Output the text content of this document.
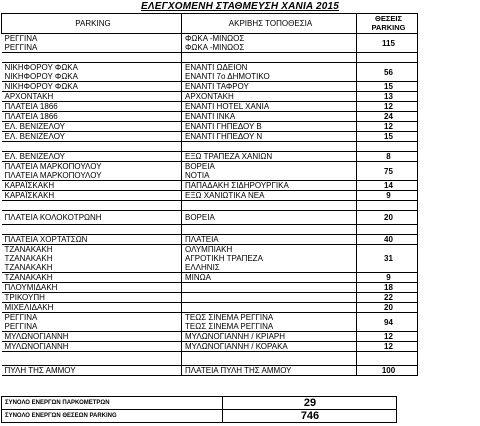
ΕΛΕΓΧΟΜΕΝΗ ΣΤΑΘΜΕΥΣΗ ΧΑΝΙΑ 2015
PARKING	ΑΚΡΙΒΗΣ ΤΟΠΟΘΕΣΙΑ	ΘΕΣΕΙΣ
PARKING
ΡΕΓΓΙΝΑ	ΦΩΚΑ -ΜΙΝΩΟΣ	115
ΡΕΓΓΙΝΑ	ΦΩΚΑ -ΜΙΝΩΟΣ	

ΝΙΚΗΦΟΡΟΥ ΦΩΚΑ	ΕΝΑΝΤΙ ΩΔΕΙΟΝ	56
ΝΙΚΗΦΟΡΟΥ ΦΩΚΑ	ΕΝΑΝΤΙ 7ο ΔΗΜΟΤΙΚΟ	
ΝΙΚΗΦΟΡΟΥ ΦΩΚΑ	ΕΝΑΝΤΙ ΤΑΦΡΟΥ	15
ΑΡΧΟΝΤΑΚΗ	ΑΡΧΟΝΤΑΚΗ	13
ΠΛΑΤΕΙΑ 1866	ΕΝΑΝΤΙ HOTEL ΧΑΝΙΑ	12
ΠΛΑΤΕΙΑ 1866	ΕΝΑΝΤΙ ΙΝΚΑ	24
ΕΛ. ΒΕΝΙΖΕΛΟΥ	ΕΝΑΝΤΙ ΓΗΠΕΔΟΥ Β	12
ΕΛ. ΒΕΝΙΖΕΛΟΥ	ΕΝΑΝΤΙ ΓΗΠΕΔΟΥ Ν	15

ΕΛ. ΒΕΝΙΖΕΛΟΥ	ΕΞΩ ΤΡΑΠΕΖΑ ΧΑΝΙΩΝ	8
ΠΛΑΤΕΙΑ ΜΑΡΚΟΠΟΥΛΟΥ	ΒΟΡΕΙΑ	75
ΠΛΑΤΕΙΑ ΜΑΡΚΟΠΟΥΛΟΥ	ΝΟΤΙΑ	
ΚΑΡΑΪΣΚΑΚΗ	ΠΑΠΑΔΑΚΗ ΣΙΔΗΡΟΥΡΓΙΚΑ	14
ΚΑΡΑΪΣΚΑΚΗ	ΕΞΩ ΧΑΝΙΩΤΙΚΑ ΝΕΑ	9

ΠΛΑΤΕΙΑ ΚΟΛΟΚΟΤΡΩΝΗ	ΒΟΡΕΙΑ	20

ΠΛΑΤΕΙΑ ΧΟΡΤΑΤΣΩΝ	ΠΛΑΤΕΙΑ	40
ΤΖΑΝΑΚΑΚΗ	ΟΛΥΜΠΙΑΚΗ	31
ΤΖΑΝΑΚΑΚΗ	ΑΓΡΟΤΙΚΗ ΤΡΑΠΕΖΑ	
ΤΖΑΝΑΚΑΚΗ	ΕΛΛΗΝΙΣ	
ΤΖΑΝΑΚΑΚΗ	ΜΙΝΩΑ	9
ΠΛΟΥΜΙΔΑΚΗ		18
ΤΡΙΚΟΥΠΗ		22
ΜΙΧΕΛΙΔΑΚΗ		20
ΡΕΓΓΙΝΑ	ΤΕΩΣ ΣΙΝΕΜΑ ΡΕΓΓΙΝΑ	94
ΡΕΓΓΙΝΑ	ΤΕΩΣ ΣΙΝΕΜΑ ΡΕΓΓΙΝΑ	
ΜΥΛΩΝΟΓΙΑΝΝΗ	ΜΥΛΩΝΟΓΙΑΝΝΗ / ΚΡΙΑΡΗ	12
ΜΥΛΩΝΟΓΙΑΝΝΗ	ΜΥΛΩΝΟΓΙΑΝΝΗ / ΚΟΡΑΚΑ	12

ΠΥΛΗ ΤΗΣ ΑΜΜΟΥ	ΠΛΑΤΕΙΑ ΠΥΛΗ ΤΗΣ ΑΜΜΟΥ	100
ΣΥΝΟΛΟ ΕΝΕΡΓΩΝ ΠΑΡΚΟΜΕΤΡΩΝ	29
ΣΥΝΟΛΟ ΕΝΕΡΓΩΝ ΘΕΣΕΩΝ PARKING	746
